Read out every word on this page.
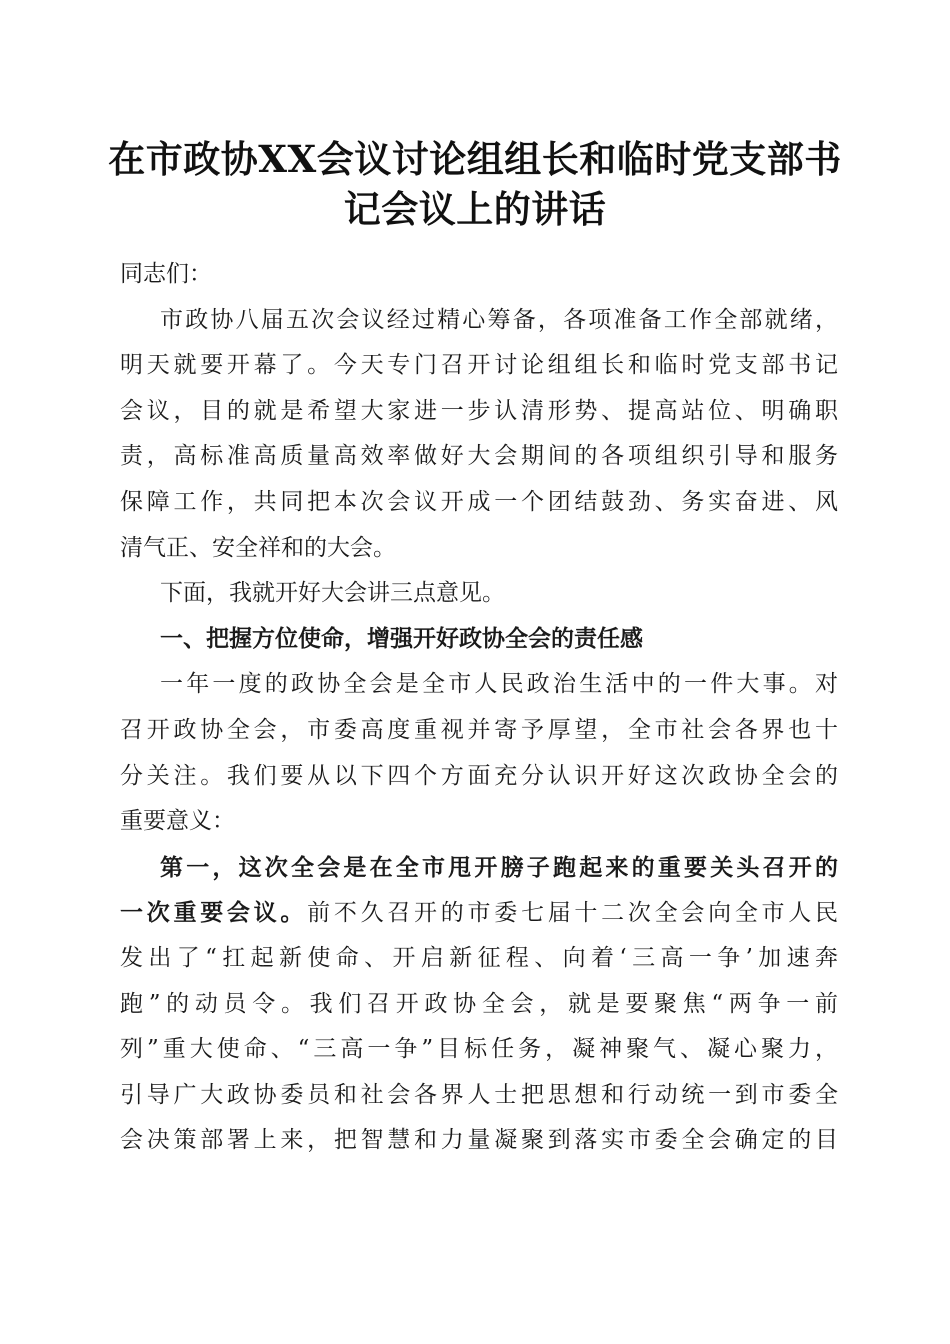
在市政协XX会议讨论组组长和临时党支部书
记会议上的讲话
同志们：
市政协八届五次会议经过精心筹备，各项准备工作全部就绪，
明天就要开幕了。今天专门召开讨论组组长和临时党支部书记
会议，目的就是希望大家进一步认清形势、提高站位、明确职
责，高标准高质量高效率做好大会期间的各项组织引导和服务
保障工作，共同把本次会议开成一个团结鼓劲、务实奋进、风
清气正、安全祥和的大会。
下面，我就开好大会讲三点意见。
一、把握方位使命，增强开好政协全会的责任感
一年一度的政协全会是全市人民政治生活中的一件大事。对
召开政协全会，市委高度重视并寄予厚望，全市社会各界也十
分关注。我们要从以下四个方面充分认识开好这次政协全会的
重要意义：
第一，这次全会是在全市甩开膀子跑起来的重要关头召开的
一次重要会议。前不久召开的市委七届十二次全会向全市人民
发出了“扛起新使命、开启新征程、向着‘三高一争’加速奔
跑”的动员令。我们召开政协全会，就是要聚焦“两争一前
列”重大使命、“三高一争”目标任务，凝神聚气、凝心聚力，
引导广大政协委员和社会各界人士把思想和行动统一到市委全
会决策部署上来，把智慧和力量凝聚到落实市委全会确定的目
